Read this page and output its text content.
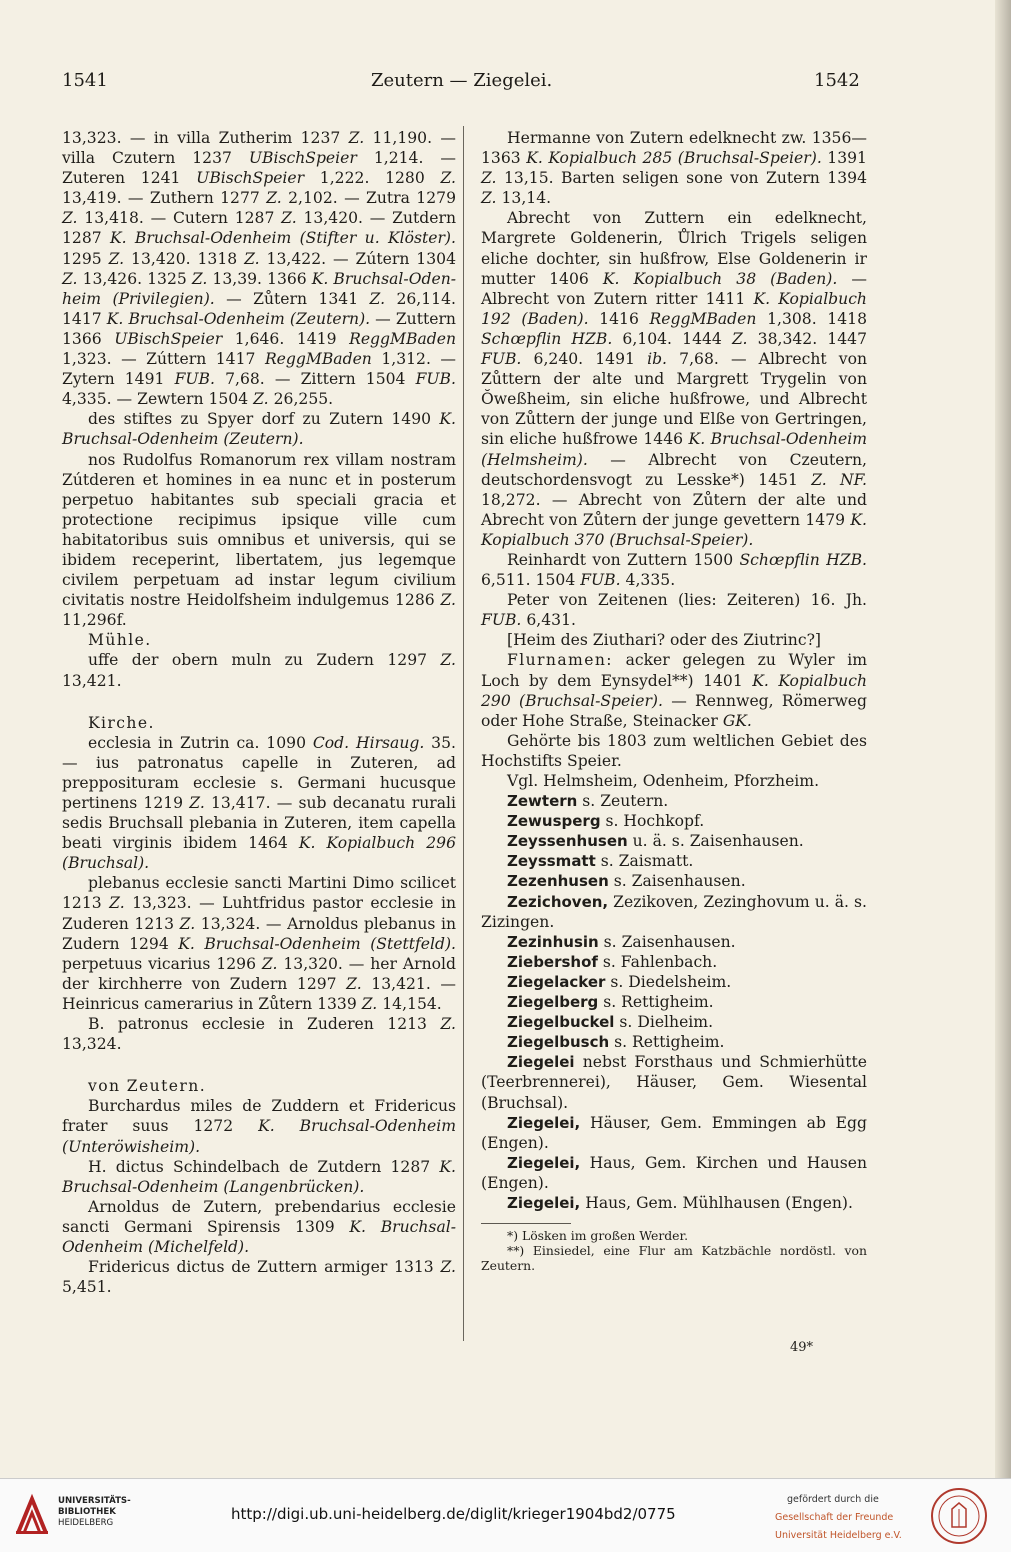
1541	Zeutern — Ziegelei.	1542

13,323. — in villa Zutherim 1237 Z. 11,190. — villa Czutern 1237 UBischSpeier 1,214. — Zuteren 1241 UBischSpeier 1,222. 1280 Z. 13,419. — Zuthern 1277 Z. 2,102. — Zutra 1279 Z. 13,418. — Cutern 1287 Z. 13,420. — Zutdern 1287 K. Bruchsal-Odenheim (Stifter u. Klöster). 1295 Z. 13,420. 1318 Z. 13,422. — Zútern 1304 Z. 13,426. 1325 Z. 13,39. 1366 K. Bruchsal-Odenheim (Privilegien). — Zůtern 1341 Z. 26,114. 1417 K. Bruchsal-Odenheim (Zeutern). — Zuttern 1366 UBischSpeier 1,646. 1419 ReggMBaden 1,323. — Zúttern 1417 ReggMBaden 1,312. — Zytern 1491 FUB. 7,68. — Zittern 1504 FUB. 4,335. — Zewtern 1504 Z. 26,255.

des stiftes zu Spyer dorf zu Zutern 1490 K. Bruchsal-Odenheim (Zeutern).

nos Rudolfus Romanorum rex villam nostram Zútderen et homines in ea nunc et in posterum perpetuo habitantes sub speciali gracia et protectione recipimus ipsique ville cum habitatoribus suis omnibus et universis, qui se ibidem receperint, libertatem, jus legemque civilem perpetuam ad instar legum civilium civitatis nostre Heidolfsheim indulgemus 1286 Z. 11,296f.

Mühle.

uffe der obern muln zu Zudern 1297 Z. 13,421.

Kirche.

ecclesia in Zutrin ca. 1090 Cod. Hirsaug. 35. — ius patronatus capelle in Zuteren, ad prepposituram ecclesie s. Germani hucusque pertinens 1219 Z. 13,417. — sub decanatu rurali sedis Bruchsall plebania in Zuteren, item capella beati virginis ibidem 1464 K. Kopialbuch 296 (Bruchsal).

plebanus ecclesie sancti Martini Dimo scilicet 1213 Z. 13,323. — Luhtfridus pastor ecclesie in Zuderen 1213 Z. 13,324. — Arnoldus plebanus in Zudern 1294 K. Bruchsal-Odenheim (Stettfeld). perpetuus vicarius 1296 Z. 13,320. — her Arnold der kirchherre von Zudern 1297 Z. 13,421. — Heinricus camerarius in Zůtern 1339 Z. 14,154.

B. patronus ecclesie in Zuderen 1213 Z. 13,324.

von Zeutern.

Burchardus miles de Zuddern et Fridericus frater suus 1272 K. Bruchsal-Odenheim (Unteröwisheim).

H. dictus Schindelbach de Zutdern 1287 K. Bruchsal-Odenheim (Langenbrücken).

Arnoldus de Zutern, prebendarius ecclesie sancti Germani Spirensis 1309 K. Bruchsal-Odenheim (Michelfeld).

Fridericus dictus de Zuttern armiger 1313 Z. 5,451.

Hermanne von Zutern edelknecht zw. 1356—1363 K. Kopialbuch 285 (Bruchsal-Speier). 1391 Z. 13,15. Barten seligen sone von Zutern 1394 Z. 13,14.

Abrecht von Zuttern ein edelknecht, Margrete Goldenerin, Ůlrich Trigels seligen eliche dochter, sin hußfrow, Else Goldenerin ir mutter 1406 K. Kopialbuch 38 (Baden). — Albrecht von Zutern ritter 1411 K. Kopialbuch 192 (Baden). 1416 ReggMBaden 1,308. 1418 Schœpflin HZB. 6,104. 1444 Z. 38,342. 1447 FUB. 6,240. 1491 ib. 7,68. — Albrecht von Zůttern der alte und Margrett Trygelin von Ŏweßheim, sin eliche hußfrowe, und Albrecht von Zůttern der junge und Elße von Gertringen, sin eliche hußfrowe 1446 K. Bruchsal-Odenheim (Helmsheim). — Albrecht von Czeutern, deutschordensvogt zu Lesske*) 1451 Z. NF. 18,272. — Abrecht von Zůtern der alte und Abrecht von Zůtern der junge gevettern 1479 K. Kopialbuch 370 (Bruchsal-Speier).

Reinhardt von Zuttern 1500 Schœpflin HZB. 6,511. 1504 FUB. 4,335.

Peter von Zeitenen (lies: Zeiteren) 16. Jh. FUB. 6,431.

[Heim des Ziuthari? oder des Ziutrinc?]

Flurnamen: acker gelegen zu Wyler im Loch by dem Eynsydel**) 1401 K. Kopialbuch 290 (Bruchsal-Speier). — Rennweg, Römerweg oder Hohe Straße, Steinacker GK.

Gehörte bis 1803 zum weltlichen Gebiet des Hochstifts Speier.

Vgl. Helmsheim, Odenheim, Pforzheim.

Zewtern s. Zeutern.

Zewusperg s. Hochkopf.

Zeyssenhusen u. ä. s. Zaisenhausen.

Zeyssmatt s. Zaismatt.

Zezenhusen s. Zaisenhausen.

Zezichoven, Zezikoven, Zezinghovum u. ä. s. Zizingen.

Zezinhusin s. Zaisenhausen.

Ziebershof s. Fahlenbach.

Ziegelacker s. Diedelsheim.

Ziegelberg s. Rettigheim.

Ziegelbuckel s. Dielheim.

Ziegelbusch s. Rettigheim.

Ziegelei nebst Forsthaus und Schmierhütte (Teerbrennerei), Häuser, Gem. Wiesental (Bruchsal).

Ziegelei, Häuser, Gem. Emmingen ab Egg (Engen).

Ziegelei, Haus, Gem. Kirchen und Hausen (Engen).

Ziegelei, Haus, Gem. Mühlhausen (Engen).

*) Lösken im großen Werder.

**) Einsiedel, eine Flur am Katzbächle nordöstl. von Zeutern.

49*
UNIVERSITÄTS-
BIBLIOTHEK
HEIDELBERG	http://digi.ub.uni-heidelberg.de/diglit/krieger1904bd2/0775
gefördert durch die
Gesellschaft der Freunde
Universität Heidelberg e.V.
